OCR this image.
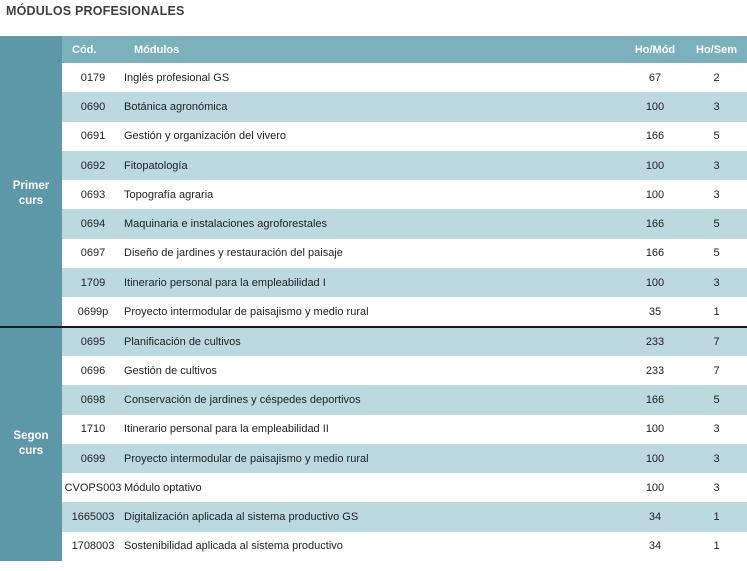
MÓDULOS PROFESIONALES
	Cód.	Módulos	Ho/Mód	Ho/Sem
Primer
curs	0179	Inglés profesional GS	67	2
	0690	Botánica agronómica	100	3
	0691	Gestión y organización del vivero	166	5
	0692	Fitopatología	100	3
	0693	Topografía agraria	100	3
	0694	Maquinaria e instalaciones agroforestales	166	5
	0697	Diseño de jardines y restauración del paisaje	166	5
	1709	Itinerario personal para la empleabilidad I	100	3
	0699p	Proyecto intermodular de paisajismo y medio rural	35	1
Segon
curs	0695	Planificación de cultivos	233	7
	0696	Gestión de cultivos	233	7
	0698	Conservación de jardines y céspedes deportivos	166	5
	1710	Itinerario personal para la empleabilidad II	100	3
	0699	Proyecto intermodular de paisajismo y medio rural	100	3
	CVOPS003	Módulo optativo	100	3
	1665003	Digitalización aplicada al sistema productivo GS	34	1
	1708003	Sostenibilidad aplicada al sistema productivo	34	1
